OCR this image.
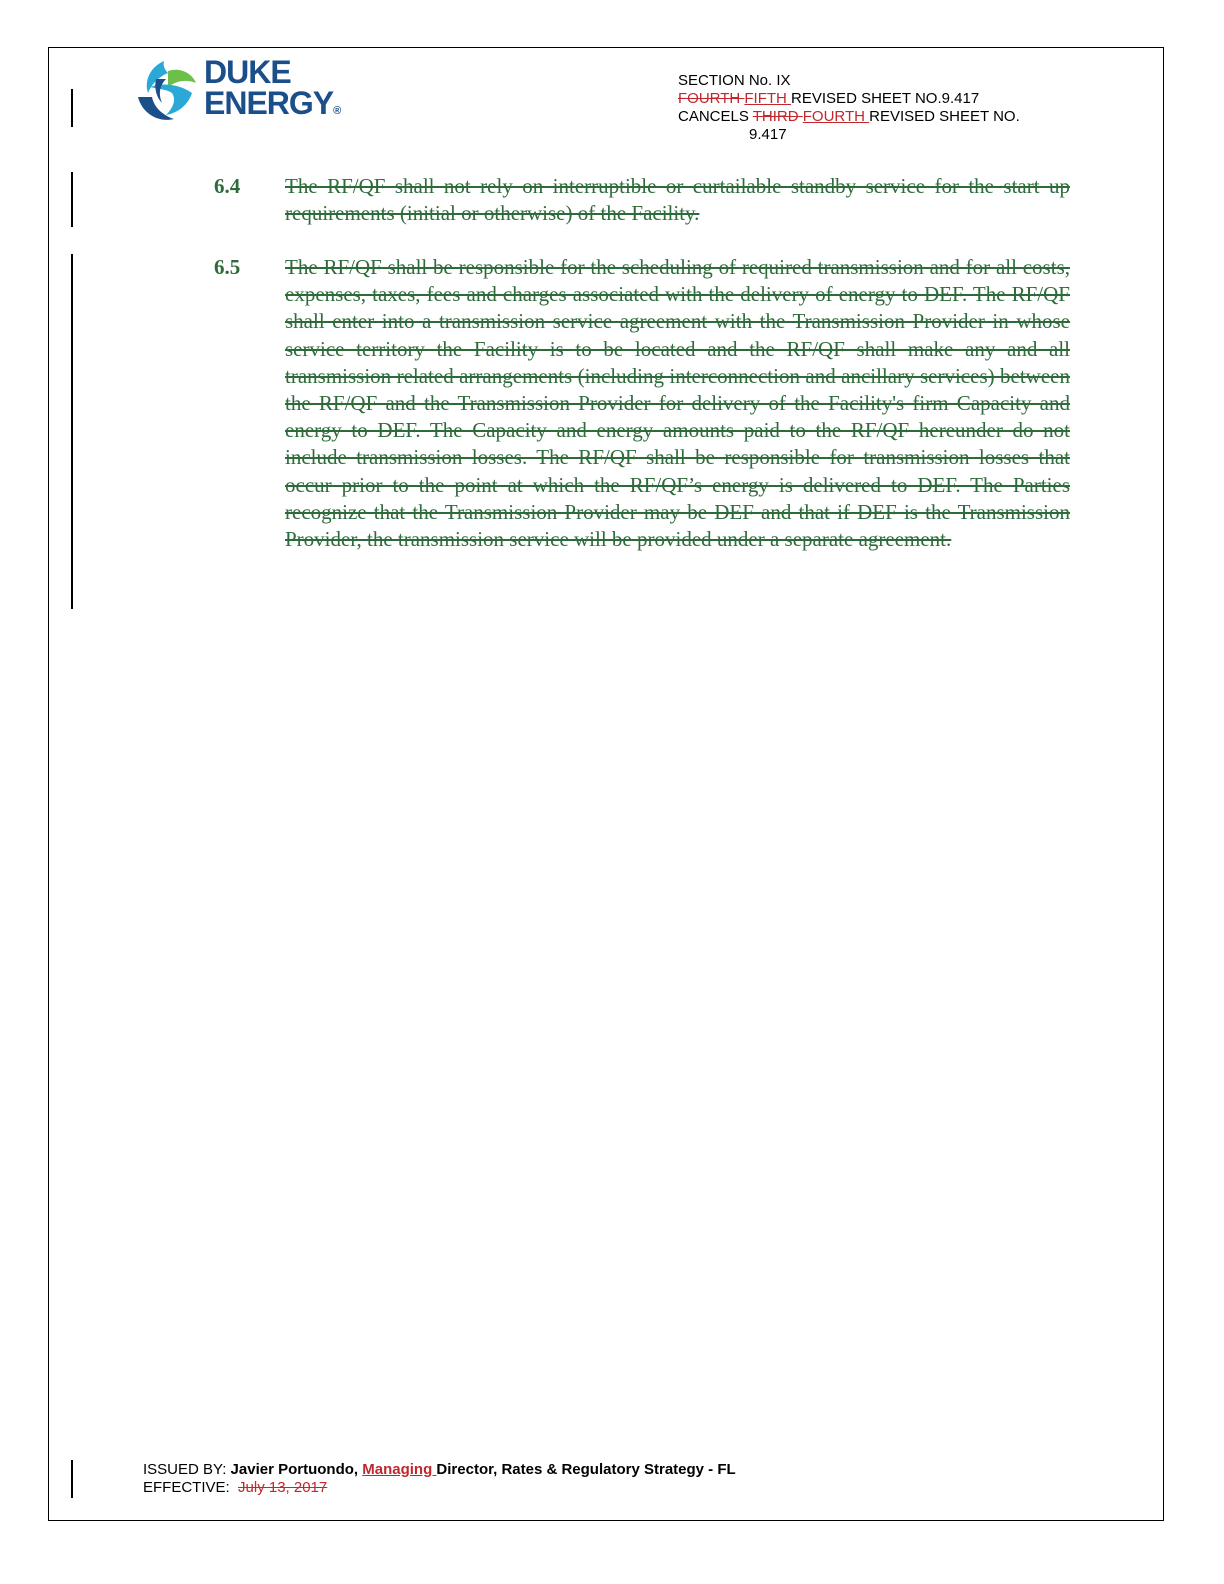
DUKE
ENERGY®
SECTION No. IX
FOURTH FIFTH REVISED SHEET NO.9.417
CANCELS THIRD FOURTH REVISED SHEET NO.
9.417
6.4	The RF/QF shall not rely on interruptible or curtailable standby service for the start up requirements (initial or otherwise) of the Facility.
6.5	The RF/QF shall be responsible for the scheduling of required transmission and for all costs, expenses, taxes, fees and charges associated with the delivery of energy to DEF. The RF/QF shall enter into a transmission service agreement with the Transmission Provider in whose service territory the Facility is to be located and the RF/QF shall make any and all transmission related arrangements (including interconnection and ancillary services) between the RF/QF and the Transmission Provider for delivery of the Facility's firm Capacity and energy to DEF. The Capacity and energy amounts paid to the RF/QF hereunder do not include transmission losses. The RF/QF shall be responsible for transmission losses that occur prior to the point at which the RF/QF’s energy is delivered to DEF. The Parties recognize that the Transmission Provider may be DEF and that if DEF is the Transmission Provider, the transmission service will be provided under a separate agreement.
ISSUED BY: Javier Portuondo, Managing Director, Rates & Regulatory Strategy - FL
EFFECTIVE:  July 13, 2017
